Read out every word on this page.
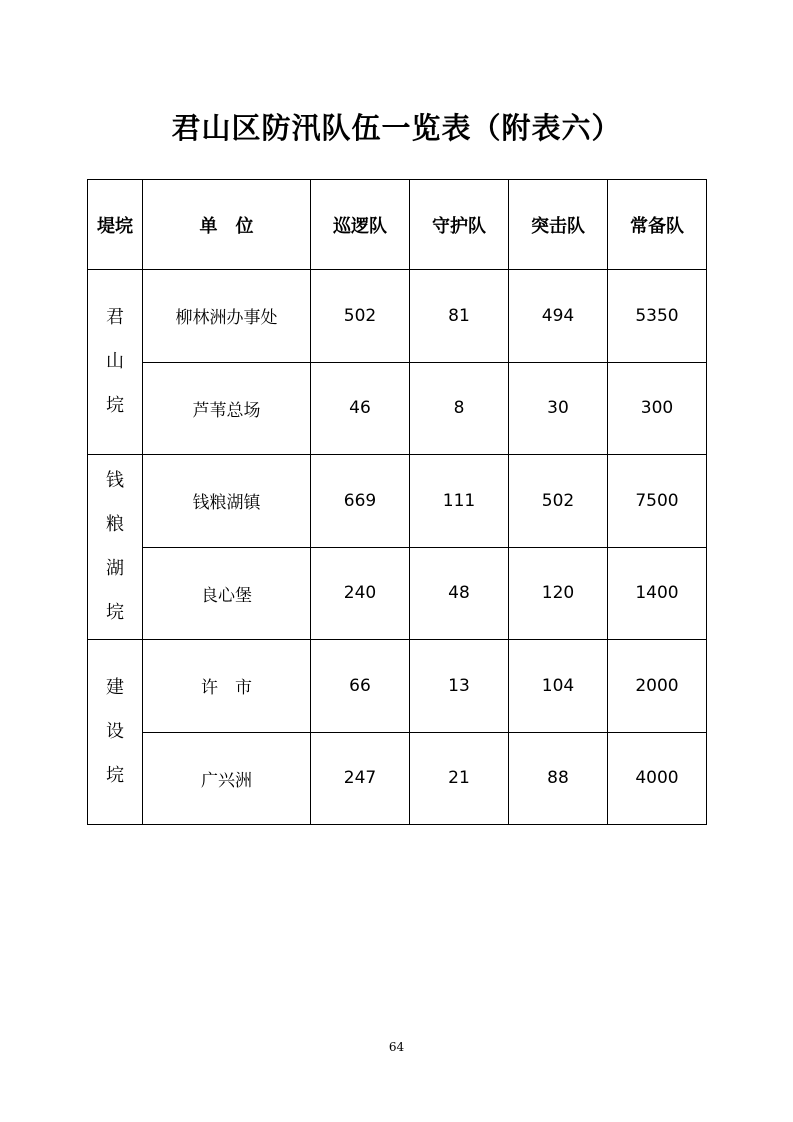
君山区防汛队伍一览表（附表六）
堤垸	单　位	巡逻队	守护队	突击队	常备队
君山垸	柳林洲办事处	502	81	494	5350
	芦苇总场	46	8	30	300
钱粮湖垸	钱粮湖镇	669	111	502	7500
	良心堡	240	48	120	1400
建设垸	许　市	66	13	104	2000
	广兴洲	247	21	88	4000
64
